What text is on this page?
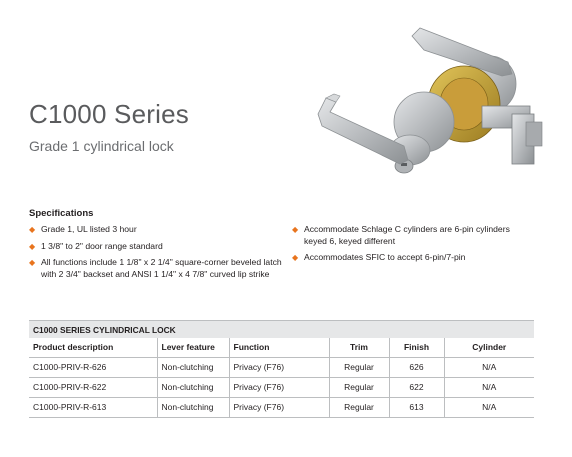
C1000 Series
Grade 1 cylindrical lock
Specifications
◆ Grade 1, UL listed 3 hour
◆ 1 3/8" to 2" door range standard
◆ All functions include 1 1/8" x 2 1/4" square-corner beveled latch with 2 3/4" backset and ANSI 1 1/4" x 4 7/8" curved lip strike
◆ Accommodate Schlage C cylinders are 6-pin cylinders keyed 6, keyed different
◆ Accommodates SFIC to accept 6-pin/7-pin
C1000 SERIES CYLINDRICAL LOCK
Product description	Lever feature	Function	Trim	Finish	Cylinder
C1000-PRIV-R-626	Non-clutching	Privacy (F76)	Regular	626	N/A
C1000-PRIV-R-622	Non-clutching	Privacy (F76)	Regular	622	N/A
C1000-PRIV-R-613	Non-clutching	Privacy (F76)	Regular	613	N/A
